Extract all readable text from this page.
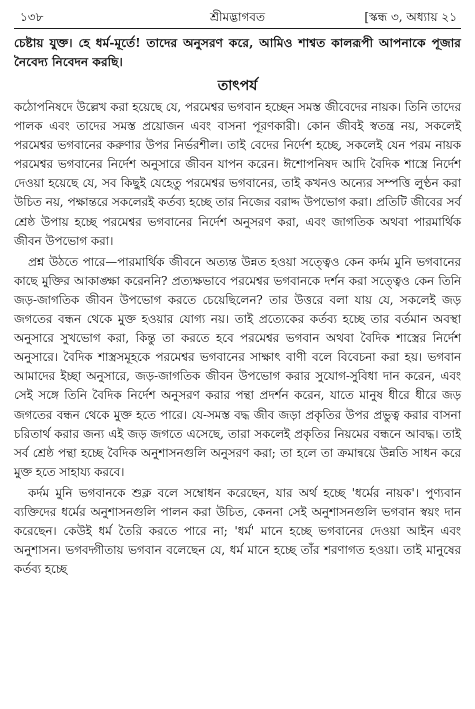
১৩৮	শ্রীমদ্ভাগবত	[স্কন্ধ ৩, অধ্যায় ২১

চেষ্টায় যুক্ত। হে ধর্ম-মূর্তে! তাদের অনুসরণ করে, আমিও শাশ্বত কালরূপী আপনাকে পূজার নৈবেদ্য নিবেদন করছি।

তাৎপর্য

কঠোপনিষদে উল্লেখ করা হয়েছে যে, পরমেশ্বর ভগবান হচ্ছেন সমস্ত জীবেদের নায়ক। তিনি তাদের পালক এবং তাদের সমস্ত প্রয়োজন এবং বাসনা পূরণকারী। কোন জীবই স্বতন্ত্র নয়, সকলেই পরমেশ্বর ভগবানের করুণার উপর নির্ভরশীল। তাই বেদের নির্দেশ হচ্ছে, সকলেই যেন পরম নায়ক পরমেশ্বর ভগবানের নির্দেশ অনুসারে জীবন যাপন করেন। ঈশোপনিষদ আদি বৈদিক শাস্ত্রে নির্দেশ দেওয়া হয়েছে যে, সব কিছুই যেহেতু পরমেশ্বর ভগবানের, তাই কখনও অন্যের সম্পত্তি লুণ্ঠন করা উচিত নয়, পক্ষান্তরে সকলেরই কর্তব্য হচ্ছে তার নিজের বরাদ্দ উপভোগ করা। প্রতিটি জীবের সর্ব শ্রেষ্ঠ উপায় হচ্ছে পরমেশ্বর ভগবানের নির্দেশ অনুসরণ করা, এবং জাগতিক অথবা পারমার্থিক জীবন উপভোগ করা।

প্রশ্ন উঠতে পারে—পারমার্থিক জীবনে অত্যন্ত উন্নত হওয়া সত্ত্বেও কেন কর্দম মুনি ভগবানের কাছে মুক্তির আকাঙ্ক্ষা করেননি? প্রত্যক্ষভাবে পরমেশ্বর ভগবানকে দর্শন করা সত্ত্বেও কেন তিনি জড়-জাগতিক জীবন উপভোগ করতে চেয়েছিলেন? তার উত্তরে বলা যায় যে, সকলেই জড় জগতের বন্ধন থেকে মুক্ত হওয়ার যোগ্য নয়। তাই প্রত্যেকের কর্তব্য হচ্ছে তার বর্তমান অবস্থা অনুসারে সুখভোগ করা, কিন্তু তা করতে হবে পরমেশ্বর ভগবান অথবা বৈদিক শাস্ত্রের নির্দেশ অনুসারে। বৈদিক শাস্ত্রসমূহকে পরমেশ্বর ভগবানের সাক্ষাৎ বাণী বলে বিবেচনা করা হয়। ভগবান আমাদের ইচ্ছা অনুসারে, জড়-জাগতিক জীবন উপভোগ করার সুযোগ-সুবিধা দান করেন, এবং সেই সঙ্গে তিনি বৈদিক নির্দেশ অনুসরণ করার পন্থা প্রদর্শন করেন, যাতে মানুষ ধীরে ধীরে জড় জগতের বন্ধন থেকে মুক্ত হতে পারে। যে-সমস্ত বদ্ধ জীব জড়া প্রকৃতির উপর প্রভুত্ব করার বাসনা চরিতার্থ করার জন্য এই জড় জগতে এসেছে, তারা সকলেই প্রকৃতির নিয়মের বন্ধনে আবদ্ধ। তাই সর্ব শ্রেষ্ঠ পন্থা হচ্ছে বৈদিক অনুশাসনগুলি অনুসরণ করা; তা হলে তা ক্রমান্বয়ে উন্নতি সাধন করে মুক্ত হতে সাহায্য করবে।

কর্দম মুনি ভগবানকে শুক্ল বলে সম্বোধন করেছেন, যার অর্থ হচ্ছে 'ধর্মের নায়ক'। পুণ্যবান ব্যক্তিদের ধর্মের অনুশাসনগুলি পালন করা উচিত, কেননা সেই অনুশাসনগুলি ভগবান স্বয়ং দান করেছেন। কেউই ধর্ম তৈরি করতে পারে না; 'ধর্ম' মানে হচ্ছে ভগবানের দেওয়া আইন এবং অনুশাসন। ভগবদ্গীতায় ভগবান বলেছেন যে, ধর্ম মানে হচ্ছে তাঁর শরণাগত হওয়া। তাই মানুষের কর্তব্য হচ্ছে
